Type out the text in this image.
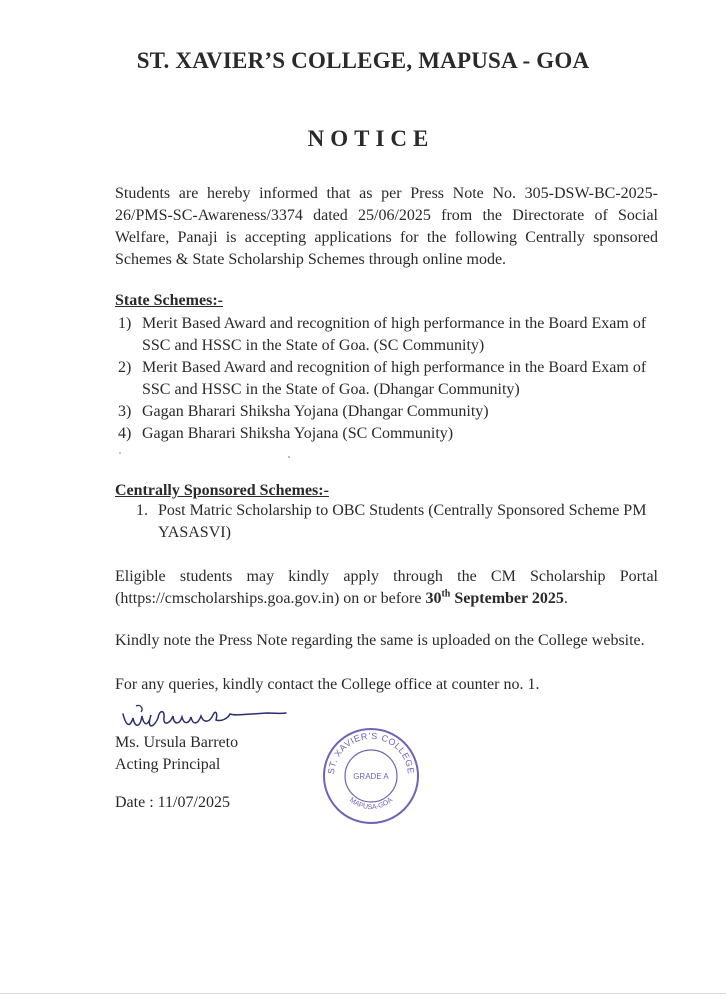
ST. XAVIER’S COLLEGE, MAPUSA - GOA
NOTICE
Students are hereby informed that as per Press Note No. 305-DSW-BC-2025-26/PMS-SC-Awareness/3374 dated 25/06/2025 from the Directorate of Social Welfare, Panaji is accepting applications for the following Centrally sponsored Schemes & State Scholarship Schemes through online mode.
State Schemes:-
1) Merit Based Award and recognition of high performance in the Board Exam of SSC and HSSC in the State of Goa. (SC Community)
2) Merit Based Award and recognition of high performance in the Board Exam of SSC and HSSC in the State of Goa. (Dhangar Community)
3) Gagan Bharari Shiksha Yojana (Dhangar Community)
4) Gagan Bharari Shiksha Yojana (SC Community)
Centrally Sponsored Schemes:-
1. Post Matric Scholarship to OBC Students (Centrally Sponsored Scheme PM YASASVI)
Eligible students may kindly apply through the CM Scholarship Portal (https://cmscholarships.goa.gov.in) on or before 30th September 2025.
Kindly note the Press Note regarding the same is uploaded on the College website.
For any queries, kindly contact the College office at counter no. 1.
Ms. Ursula Barreto
Acting Principal
Date : 11/07/2025
ST. XAVIER’S COLLEGE
GRADE A
MAPUSA-GOA
